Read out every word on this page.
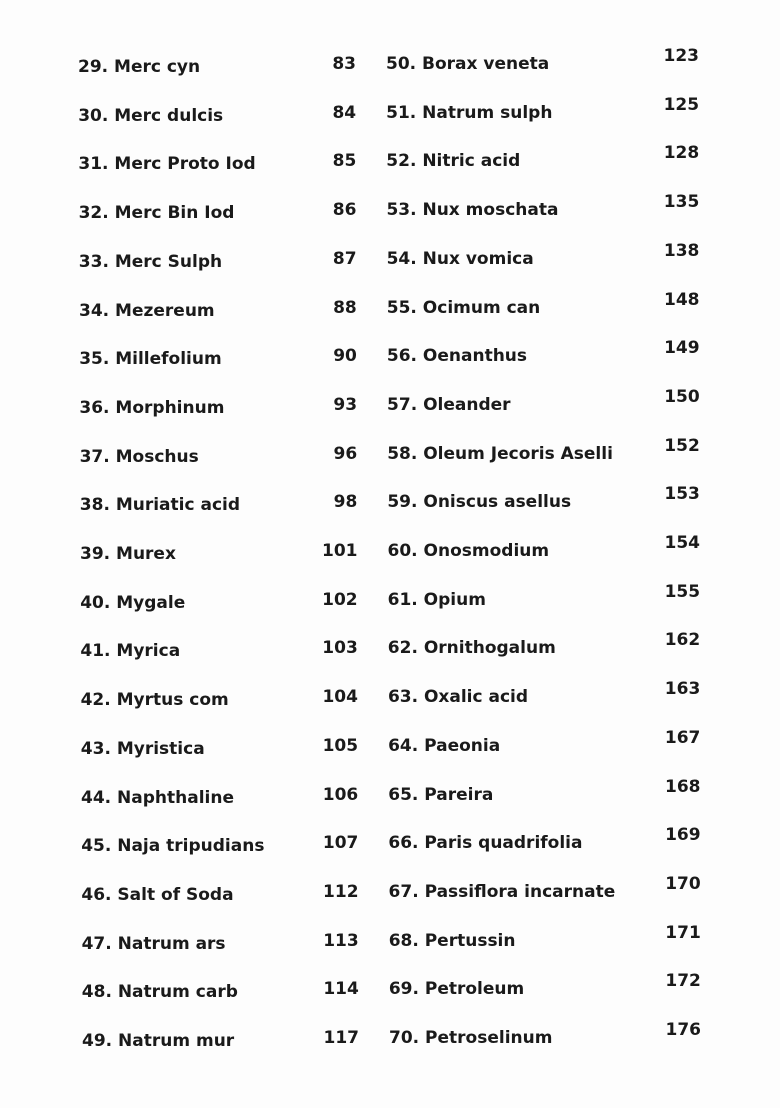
29. Merc cyn	83
30. Merc dulcis	84
31. Merc Proto Iod	85
32. Merc Bin Iod	86
33. Merc Sulph	87
34. Mezereum	88
35. Millefolium	90
36. Morphinum	93
37. Moschus	96
38. Muriatic acid	98
39. Murex	101
40. Mygale	102
41. Myrica	103
42. Myrtus com	104
43. Myristica	105
44. Naphthaline	106
45. Naja tripudians	107
46. Salt of Soda	112
47. Natrum ars	113
48. Natrum carb	114
49. Natrum mur	117
50. Borax veneta	123
51. Natrum sulph	125
52. Nitric acid	128
53. Nux moschata	135
54. Nux vomica	138
55. Ocimum can	148
56. Oenanthus	149
57. Oleander	150
58. Oleum Jecoris Aselli	152
59. Oniscus asellus	153
60. Onosmodium	154
61. Opium	155
62. Ornithogalum	162
63. Oxalic acid	163
64. Paeonia	167
65. Pareira	168
66. Paris quadrifolia	169
67. Passiflora incarnate	170
68. Pertussin	171
69. Petroleum	172
70. Petroselinum	176
